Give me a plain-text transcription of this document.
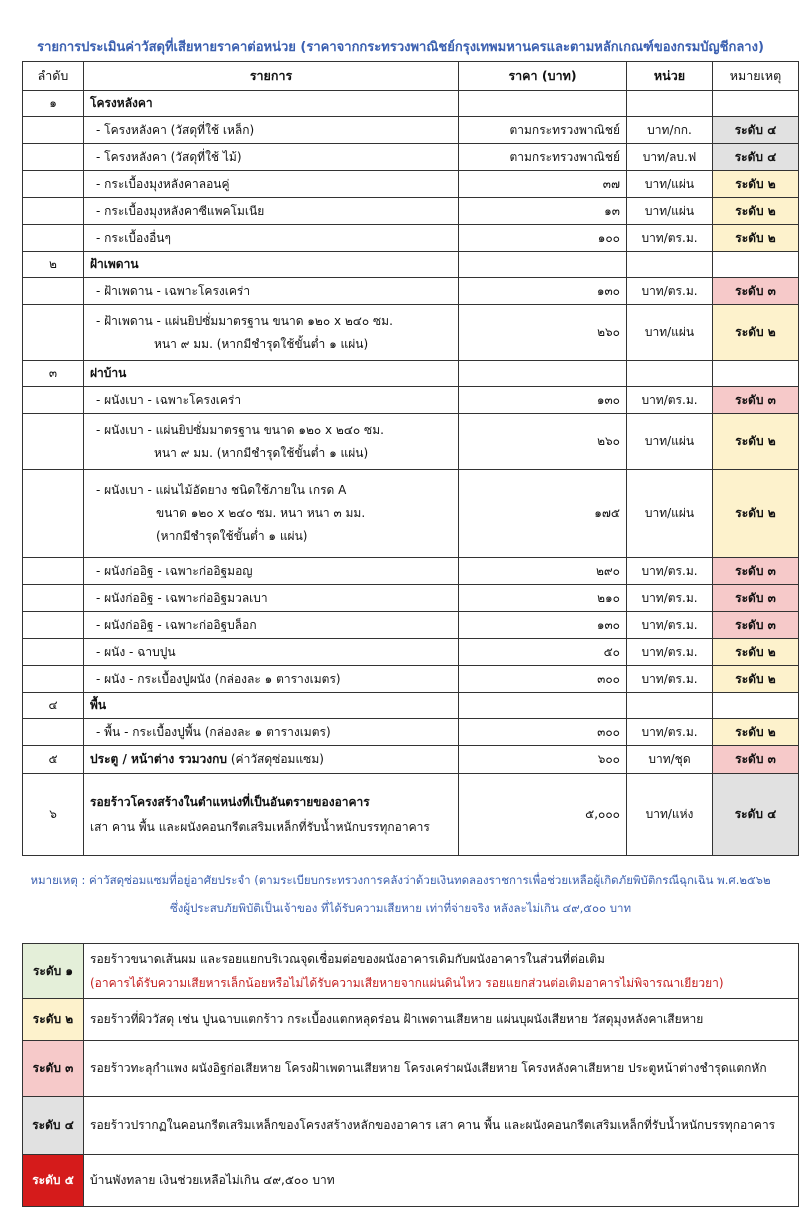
รายการประเมินค่าวัสดุที่เสียหายราคาต่อหน่วย (ราคาจากกระทรวงพาณิชย์กรุงเทพมหานครและตามหลักเกณฑ์ของกรมบัญชีกลาง)
ลำดับ	รายการ	ราคา (บาท)	หน่วย	หมายเหตุ
๑	โครงหลังคา			

	- โครงหลังคา (วัสดุที่ใช้ เหล็ก)	ตามกระทรวงพาณิชย์	บาท/กก.	ระดับ ๔

	- โครงหลังคา (วัสดุที่ใช้ ไม้)	ตามกระทรวงพาณิชย์	บาท/ลบ.ฟ	ระดับ ๔

	- กระเบื้องมุงหลังคาลอนคู่	๓๗	บาท/แผ่น	ระดับ ๒

	- กระเบื้องมุงหลังคาซีแพคโมเนีย	๑๓	บาท/แผ่น	ระดับ ๒

	- กระเบื้องอื่นๆ	๑๐๐	บาท/ตร.ม.	ระดับ ๒
๒	ฝ้าเพดาน			

	- ฝ้าเพดาน - เฉพาะโครงเคร่า	๑๓๐	บาท/ตร.ม.	ระดับ ๓

	- ฝ้าเพดาน - แผ่นยิปซั่มมาตรฐาน ขนาด ๑๒๐ x ๒๔๐ ซม.
หนา ๙ มม. (หากมีชำรุดใช้ขั้นต่ำ ๑ แผ่น)	๒๖๐	บาท/แผ่น	ระดับ ๒
๓	ฝาบ้าน			

	- ผนังเบา - เฉพาะโครงเคร่า	๑๓๐	บาท/ตร.ม.	ระดับ ๓

	- ผนังเบา - แผ่นยิปซั่มมาตรฐาน ขนาด ๑๒๐ x ๒๔๐ ซม.
หนา ๙ มม. (หากมีชำรุดใช้ขั้นต่ำ ๑ แผ่น)	๒๖๐	บาท/แผ่น	ระดับ ๒

	- ผนังเบา - แผ่นไม้อัดยาง ชนิดใช้ภายใน เกรด A
ขนาด ๑๒๐ x ๒๔๐ ซม. หนา หนา ๓ มม.
(หากมีชำรุดใช้ขั้นต่ำ ๑ แผ่น)	๑๗๕	บาท/แผ่น	ระดับ ๒

	- ผนังก่ออิฐ - เฉพาะก่ออิฐมอญ	๒๙๐	บาท/ตร.ม.	ระดับ ๓

	- ผนังก่ออิฐ - เฉพาะก่ออิฐมวลเบา	๒๑๐	บาท/ตร.ม.	ระดับ ๓

	- ผนังก่ออิฐ - เฉพาะก่ออิฐบล็อก	๑๓๐	บาท/ตร.ม.	ระดับ ๓

	- ผนัง - ฉาบปูน	๕๐	บาท/ตร.ม.	ระดับ ๒

	- ผนัง - กระเบื้องปูผนัง (กล่องละ ๑ ตารางเมตร)	๓๐๐	บาท/ตร.ม.	ระดับ ๒
๔	พื้น			

	- พื้น - กระเบื้องปูพื้น (กล่องละ ๑ ตารางเมตร)	๓๐๐	บาท/ตร.ม.	ระดับ ๒
๕	ประตู / หน้าต่าง รวมวงกบ (ค่าวัสดุซ่อมแซม)	๖๐๐	บาท/ชุด	ระดับ ๓
๖	รอยร้าวโครงสร้างในตำแหน่งที่เป็นอันตรายของอาคาร
เสา คาน พื้น และผนังคอนกรีตเสริมเหล็กที่รับน้ำหนักบรรทุกอาคาร	๕,๐๐๐	บาท/แห่ง	ระดับ ๔
หมายเหตุ : ค่าวัสดุซ่อมแซมที่อยู่อาศัยประจำ (ตามระเบียบกระทรวงการคลังว่าด้วยเงินทดลองราชการเพื่อช่วยเหลือผู้เกิดภัยพิบัติกรณีฉุกเฉิน พ.ศ.๒๕๖๒
ซึ่งผู้ประสบภัยพิบัติเป็นเจ้าของ ที่ได้รับความเสียหาย เท่าที่จ่ายจริง หลังละไม่เกิน ๔๙,๕๐๐ บาท
ระดับ ๑	รอยร้าวขนาดเส้นผม และรอยแยกบริเวณจุดเชื่อมต่อของผนังอาคารเดิมกับผนังอาคารในส่วนที่ต่อเติม
(อาคารได้รับความเสียหารเล็กน้อยหรือไม่ได้รับความเสียหายจากแผ่นดินไหว รอยแยกส่วนต่อเติมอาคารไม่พิจารณาเยียวยา)

ระดับ ๒	รอยร้าวที่ผิววัสดุ เช่น ปูนฉาบแตกร้าว กระเบื้องแตกหลุดร่อน ฝ้าเพดานเสียหาย แผ่นบุผนังเสียหาย วัสดุมุงหลังคาเสียหาย

ระดับ ๓	รอยร้าวทะลุกำแพง ผนังอิฐก่อเสียหาย โครงฝ้าเพดานเสียหาย โครงเคร่าผนังเสียหาย โครงหลังคาเสียหาย ประตูหน้าต่างชำรุดแตกหัก

ระดับ ๔	รอยร้าวปรากฏในคอนกรีตเสริมเหล็กของโครงสร้างหลักของอาคาร เสา คาน พื้น และผนังคอนกรีตเสริมเหล็กที่รับน้ำหนักบรรทุกอาคาร

ระดับ ๕	บ้านพังทลาย เงินช่วยเหลือไม่เกิน ๔๙,๕๐๐ บาท
